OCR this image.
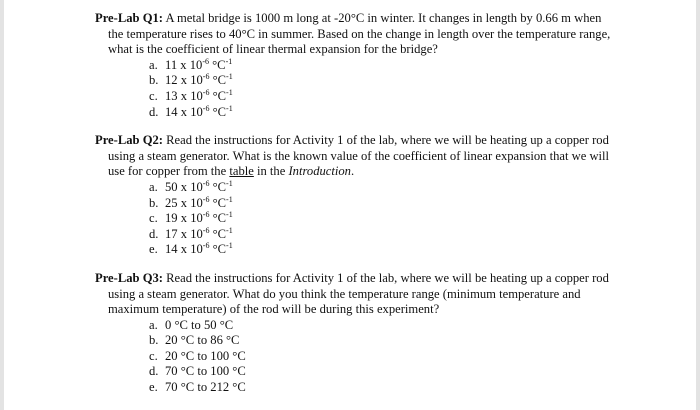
Pre-Lab Q1: A metal bridge is 1000 m long at -20°C in winter. It changes in length by 0.66 m when the temperature rises to 40°C in summer. Based on the change in length over the temperature range, what is the coefficient of linear thermal expansion for the bridge?
a. 11 x $10^{-6}$ $^\circ C^{-1}$
b. 12 x $10^{-6}$ $^\circ C^{-1}$
c. 13 x $10^{-6}$ $^\circ C^{-1}$
d. 14 x $10^{-6}$ $^\circ C^{-1}$
Pre-Lab Q2: Read the instructions for Activity 1 of the lab, where we will be heating up a copper rod using a steam generator. What is the known value of the coefficient of linear expansion that we will use for copper from the table in the Introduction.
a. 50 x $10^{-6}$ $^\circ C^{-1}$
b. 25 x $10^{-6}$ $^\circ C^{-1}$
c. 19 x $10^{-6}$ $^\circ C^{-1}$
d. 17 x $10^{-6}$ $^\circ C^{-1}$
e. 14 x $10^{-6}$ $^\circ C^{-1}$
Pre-Lab Q3: Read the instructions for Activity 1 of the lab, where we will be heating up a copper rod using a steam generator. What do you think the temperature range (minimum temperature and maximum temperature) of the rod will be during this experiment?
a. 0 °C to 50 °C
b. 20 °C to 86 °C
c. 20 °C to 100 °C
d. 70 °C to 100 °C
e. 70 °C to 212 °C
